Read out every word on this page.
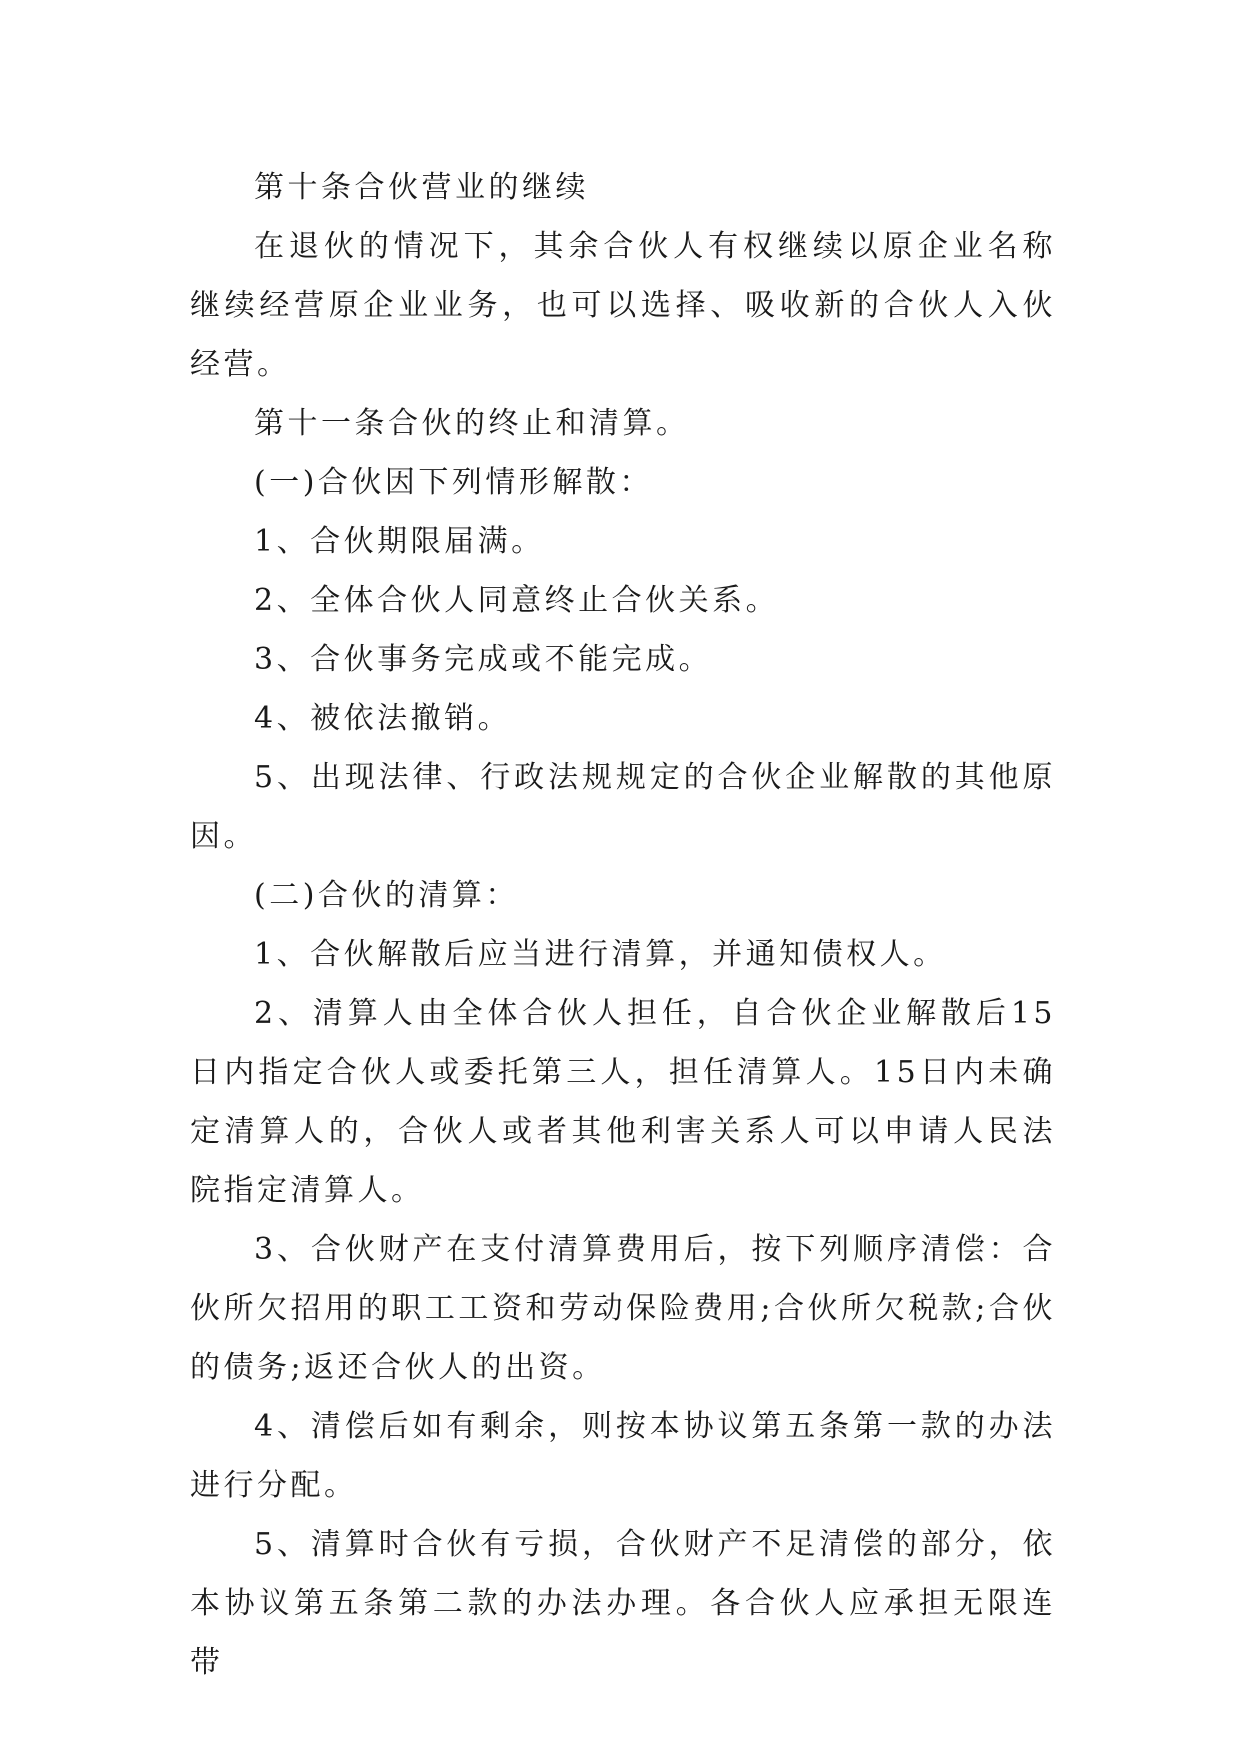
第十条合伙营业的继续

在退伙的情况下，其余合伙人有权继续以原企业名称继续经营原企业业务，也可以选择、吸收新的合伙人入伙经营。

第十一条合伙的终止和清算。

(一)合伙因下列情形解散：

1、合伙期限届满。

2、全体合伙人同意终止合伙关系。

3、合伙事务完成或不能完成。

4、被依法撤销。

5、出现法律、行政法规规定的合伙企业解散的其他原因。

(二)合伙的清算：

1、合伙解散后应当进行清算，并通知债权人。

2、清算人由全体合伙人担任，自合伙企业解散后15日内指定合伙人或委托第三人，担任清算人。15日内未确定清算人的，合伙人或者其他利害关系人可以申请人民法院指定清算人。

3、合伙财产在支付清算费用后，按下列顺序清偿：合伙所欠招用的职工工资和劳动保险费用;合伙所欠税款;合伙的债务;返还合伙人的出资。

4、清偿后如有剩余，则按本协议第五条第一款的办法进行分配。

5、清算时合伙有亏损，合伙财产不足清偿的部分，依本协议第五条第二款的办法办理。各合伙人应承担无限连带
